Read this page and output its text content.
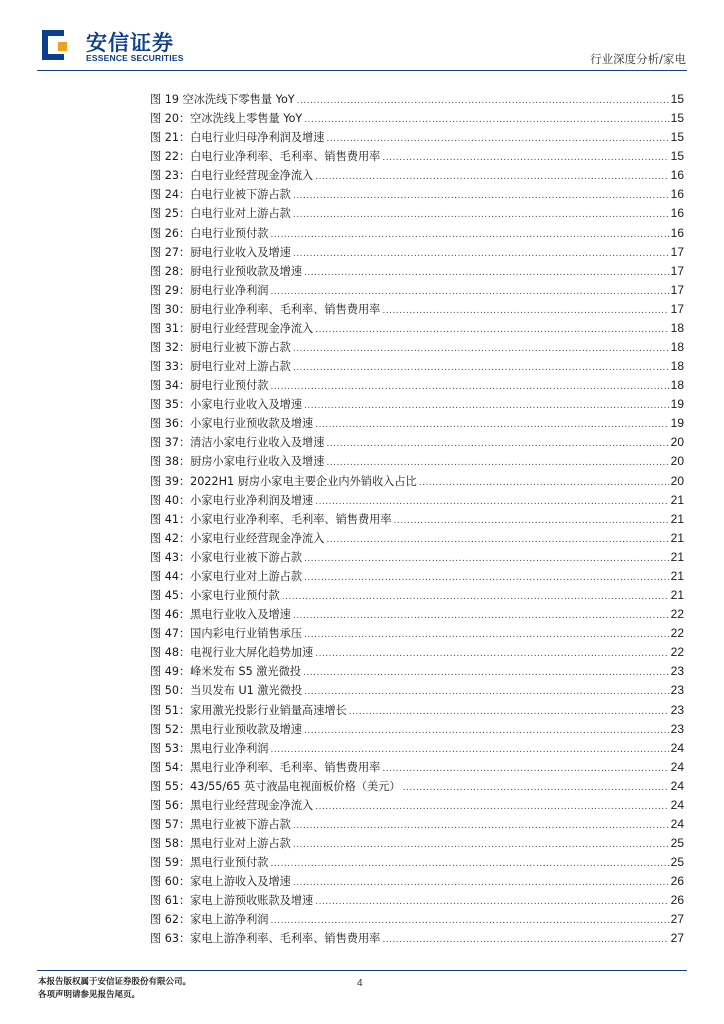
安信证券
ESSENCE SECURITIES	行业深度分析/家电
图 19 空冰洗线下零售量 YoY .....	15
图 20：空冰洗线上零售量 YoY .....	15
图 21：白电行业归母净利润及增速 .....	15
图 22：白电行业净利率、毛利率、销售费用率 .....	15
图 23：白电行业经营现金净流入 .....	16
图 24：白电行业被下游占款 .....	16
图 25：白电行业对上游占款 .....	16
图 26：白电行业预付款 .....	16
图 27：厨电行业收入及增速 .....	17
图 28：厨电行业预收款及增速 .....	17
图 29：厨电行业净利润 .....	17
图 30：厨电行业净利率、毛利率、销售费用率 .....	17
图 31：厨电行业经营现金净流入 .....	18
图 32：厨电行业被下游占款 .....	18
图 33：厨电行业对上游占款 .....	18
图 34：厨电行业预付款 .....	18
图 35：小家电行业收入及增速 .....	19
图 36：小家电行业预收款及增速 .....	19
图 37：清洁小家电行业收入及增速 .....	20
图 38：厨房小家电行业收入及增速 .....	20
图 39：2022H1 厨房小家电主要企业内外销收入占比 .....	20
图 40：小家电行业净利润及增速 .....	21
图 41：小家电行业净利率、毛利率、销售费用率 .....	21
图 42：小家电行业经营现金净流入 .....	21
图 43：小家电行业被下游占款 .....	21
图 44：小家电行业对上游占款 .....	21
图 45：小家电行业预付款 .....	21
图 46：黑电行业收入及增速 .....	22
图 47：国内彩电行业销售承压 .....	22
图 48：电视行业大屏化趋势加速 .....	22
图 49：峰米发布 S5 激光微投 .....	23
图 50：当贝发布 U1 激光微投 .....	23
图 51：家用激光投影行业销量高速增长 .....	23
图 52：黑电行业预收款及增速 .....	23
图 53：黑电行业净利润 .....	24
图 54：黑电行业净利率、毛利率、销售费用率 .....	24
图 55：43/55/65 英寸液晶电视面板价格（美元） .....	24
图 56：黑电行业经营现金净流入 .....	24
图 57：黑电行业被下游占款 .....	24
图 58：黑电行业对上游占款 .....	25
图 59：黑电行业预付款 .....	25
图 60：家电上游收入及增速 .....	26
图 61：家电上游预收账款及增速 .....	26
图 62：家电上游净利润 .....	27
图 63：家电上游净利率、毛利率、销售费用率 .....	27
本报告版权属于安信证券股份有限公司。
各项声明请参见报告尾页。
4
